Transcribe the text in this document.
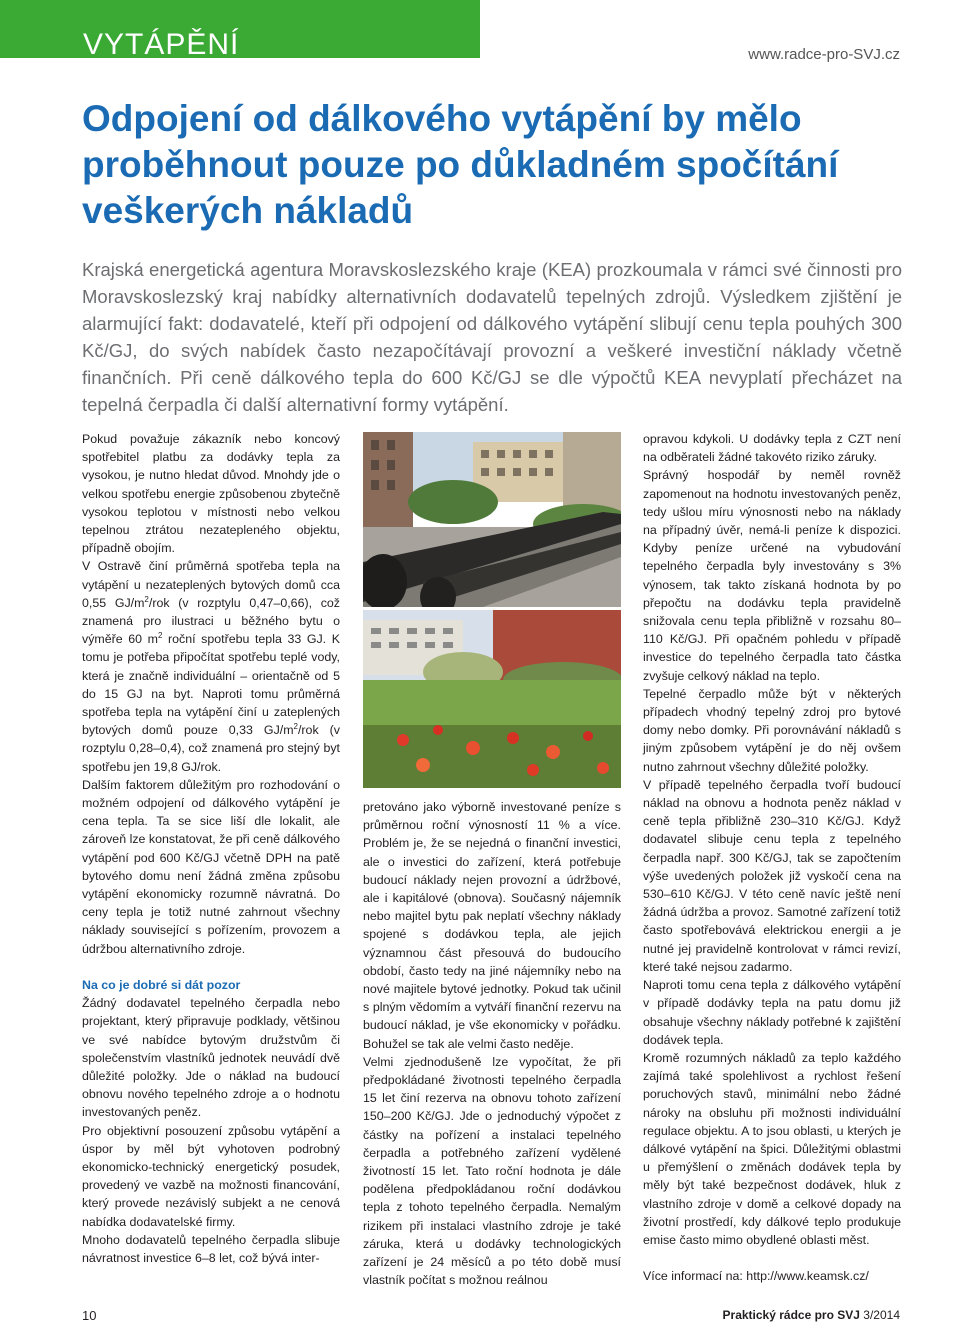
VYTÁPĚNÍ	www.radce-pro-SVJ.cz
Odpojení od dálkového vytápění by mělo proběhnout pouze po důkladném spočítání veškerých nákladů

Krajská energetická agentura Moravskoslezského kraje (KEA) prozkoumala v rámci své činnosti pro Moravskoslezský kraj nabídky alternativních dodavatelů tepelných zdrojů. Výsledkem zjištění je alarmující fakt: dodavatelé, kteří při odpojení od dálkového vytápění slibují cenu tepla pouhých 300 Kč/GJ, do svých nabídek často nezapočítávají provozní a veškeré investiční náklady včetně finančních. Při ceně dálkového tepla do 600 Kč/GJ se dle výpočtů KEA nevyplatí přecházet na tepelná čerpadla či další alternativní formy vytápění.

Pokud považuje zákazník nebo koncový spotřebitel platbu za dodávky tepla za vysokou, je nutno hledat důvod. Mnohdy jde o velkou spotřebu energie způsobenou zbytečně vysokou teplotou v místnosti nebo velkou tepelnou ztrátou nezatepleného objektu, případně obojím.

V Ostravě činí průměrná spotřeba tepla na vytápění u nezateplených bytových domů cca 0,55 $GJ/m^2$/rok (v rozptylu 0,47–0,66), což znamená pro ilustraci u běžného bytu o výměře 60 $m^2$ roční spotřebu tepla 33 GJ. K tomu je potřeba připočítat spotřebu teplé vody, která je značně individuální – orientačně od 5 do 15 GJ na byt. Naproti tomu průměrná spotřeba tepla na vytápění činí u zateplených bytových domů pouze 0,33 $GJ/m^2$/rok (v rozptylu 0,28–0,4), což znamená pro stejný byt spotřebu jen 19,8 GJ/rok.

Dalším faktorem důležitým pro rozhodování o možném odpojení od dálkového vytápění je cena tepla. Ta se sice liší dle lokalit, ale zároveň lze konstatovat, že při ceně dálkového vytápění pod 600 Kč/GJ včetně DPH na patě bytového domu není žádná změna způsobu vytápění ekonomicky rozumně návratná. Do ceny tepla je totiž nutné zahrnout všechny náklady související s pořízením, provozem a údržbou alternativního zdroje.

Na co je dobré si dát pozor

Žádný dodavatel tepelného čerpadla nebo projektant, který připravuje podklady, většinou ve své nabídce bytovým družstvům či společenstvím vlastníků jednotek neuvádí dvě důležité položky. Jde o náklad na budoucí obnovu nového tepelného zdroje a o hodnotu investovaných peněz.

Pro objektivní posouzení způsobu vytápění a úspor by měl být vyhotoven podrobný ekonomicko-technický energetický posudek, provedený ve vazbě na možnosti financování, který provede nezávislý subjekt a ne cenová nabídka dodavatelské firmy.

Mnoho dodavatelů tepelného čerpadla slibuje návratnost investice 6–8 let, což bývá inter-

pretováno jako výborně investované peníze s průměrnou roční výnosností 11 % a více. Problém je, že se nejedná o finanční investici, ale o investici do zařízení, která potřebuje budoucí náklady nejen provozní a údržbové, ale i kapitálové (obnova). Současný nájemník nebo majitel bytu pak neplatí všechny náklady spojené s dodávkou tepla, ale jejich významnou část přesouvá do budoucího období, často tedy na jiné nájemníky nebo na nové majitele bytové jednotky. Pokud tak učinil s plným vědomím a vytváří finanční rezervu na budoucí náklad, je vše ekonomicky v pořádku. Bohužel se tak ale velmi často neděje.

Velmi zjednodušeně lze vypočítat, že při předpokládané životnosti tepelného čerpadla 15 let činí rezerva na obnovu tohoto zařízení 150–200 Kč/GJ. Jde o jednoduchý výpočet z částky na pořízení a instalaci tepelného čerpadla a potřebného zařízení vydělené životností 15 let. Tato roční hodnota je dále podělena předpokládanou roční dodávkou tepla z tohoto tepelného čerpadla. Nemalým rizikem při instalaci vlastního zdroje je také záruka, která u dodávky technologických zařízení je 24 měsíců a po této době musí vlastník počítat s možnou reálnou

opravou kdykoli. U dodávky tepla z CZT není na odběrateli žádné takovéto riziko záruky.

Správný hospodář by neměl rovněž zapomenout na hodnotu investovaných peněz, tedy ušlou míru výnosnosti nebo na náklady na případný úvěr, nemá-li peníze k dispozici. Kdyby peníze určené na vybudování tepelného čerpadla byly investovány s 3% výnosem, tak takto získaná hodnota by po přepočtu na dodávku tepla pravidelně snižovala cenu tepla přibližně v rozsahu 80–110 Kč/GJ. Při opačném pohledu v případě investice do tepelného čerpadla tato částka zvyšuje celkový náklad na teplo.

Tepelné čerpadlo může být v některých případech vhodný tepelný zdroj pro bytové domy nebo domky. Při porovnávání nákladů s jiným způsobem vytápění je do něj ovšem nutno zahrnout všechny důležité položky.

V případě tepelného čerpadla tvoří budoucí náklad na obnovu a hodnota peněz náklad v ceně tepla přibližně 230–310 Kč/GJ. Když dodavatel slibuje cenu tepla z tepelného čerpadla např. 300 Kč/GJ, tak se započtením výše uvedených položek již vyskočí cena na 530–610 Kč/GJ. V této ceně navíc ještě není žádná údržba a provoz. Samotné zařízení totiž často spotřebovává elektrickou energii a je nutné jej pravidelně kontrolovat v rámci revizí, které také nejsou zadarmo.

Naproti tomu cena tepla z dálkového vytápění v případě dodávky tepla na patu domu již obsahuje všechny náklady potřebné k zajištění dodávek tepla.

Kromě rozumných nákladů za teplo každého zajímá také spolehlivost a rychlost řešení poruchových stavů, minimální nebo žádné nároky na obsluhu při možnosti individuální regulace objektu. A to jsou oblasti, u kterých je dálkové vytápění na špici. Důležitými oblastmi u přemýšlení o změnách dodávek tepla by měly být také bezpečnost dodávek, hluk z vlastního zdroje v domě a celkové dopady na životní prostředí, kdy dálkové teplo produkuje emise často mimo obydlené oblasti měst.

Více informací na: http://www.keamsk.cz/

10	Praktický rádce pro SVJ 3/2014
